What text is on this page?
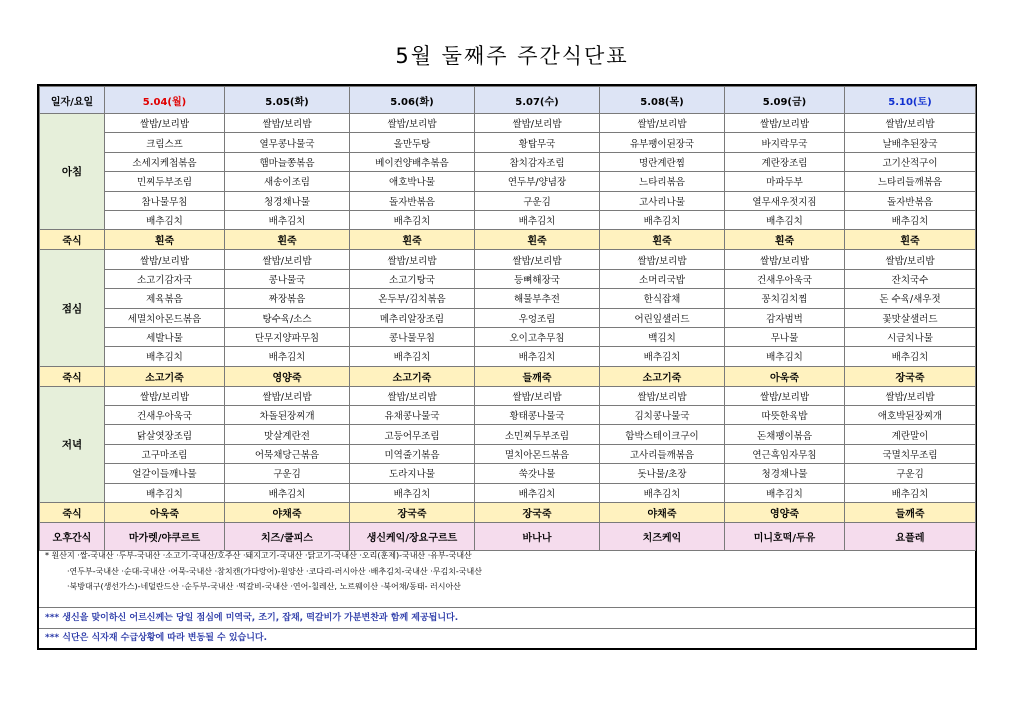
5월 둘째주 주간식단표
일자/요일	5.04(월)	5.05(화)	5.06(화)	5.07(수)	5.08(목)	5.09(금)	5.10(토)
아침	쌀밥/보리밥	쌀밥/보리밥	쌀밥/보리밥	쌀밥/보리밥	쌀밥/보리밥	쌀밥/보리밥	쌀밥/보리밥
	크림스프	열무콩나물국	올만두탕	황탑무국	유부팽이된장국	바지락무국	날배추된장국
	소세지케첩볶음	햄마늘쫑볶음	베이컨양배추볶음	참치감자조림	명란계란찜	계란장조림	고기산적구이
	민찌두부조림	새송이조림	애호박나물	연두부/양념장	느타리볶음	마파두부	느타리들깨볶음
	참나물무침	청경채나물	돌자반볶음	구운김	고사리나물	열무새우젓지짐	돌자반볶음
	배추김치	배추김치	배추김치	배추김치	배추김치	배추김치	배추김치
죽식	흰죽	흰죽	흰죽	흰죽	흰죽	흰죽	흰죽
점심	쌀밥/보리밥	쌀밥/보리밥	쌀밥/보리밥	쌀밥/보리밥	쌀밥/보리밥	쌀밥/보리밥	쌀밥/보리밥
	소고기감자국	콩나물국	소고기탕국	등뼈해장국	소머리국밥	건새우아욱국	잔치국수
	제육볶음	짜장볶음	온두부/김치볶음	해물부추전	한식잡채	꽁치김치찜	돈 수육/새우젓
	세멸치아몬드볶음	탕수육/소스	메추리알장조림	우엉조림	어린잎샐러드	감자범벅	꽃맛살샐러드
	세발나물	단무지양파무침	콩나물무침	오이고추무침	백김치	무나물	시금치나물
	배추김치	배추김치	배추김치	배추김치	배추김치	배추김치	배추김치
죽식	소고기죽	영양죽	소고기죽	들깨죽	소고기죽	아욱죽	장국죽
저녁	쌀밥/보리밥	쌀밥/보리밥	쌀밥/보리밥	쌀밥/보리밥	쌀밥/보리밥	쌀밥/보리밥	쌀밥/보리밥
	건새우아욱국	차돌된장찌개	유채콩나물국	황태콩나물국	김치콩나물국	따뜻한육밥	애호박된장찌개
	닭살엿장조림	맛살계란전	고등어무조림	소민찌두부조림	함박스테이크구이	돈채팽이볶음	계란말이
	고구마조림	어묵채당근볶음	미역줄기볶음	멸치아몬드볶음	고사리들깨볶음	연근흑임자무침	국멸치무조림
	얼갈이들깨나물	구운김	도라지나물	쑥갓나물	돗나물/초장	청경채나물	구운김
	배추김치	배추김치	배추김치	배추김치	배추김치	배추김치	배추김치
죽식	아욱죽	야채죽	장국죽	장국죽	야채죽	영양죽	들깨죽
오후간식	마가렛/야쿠르트	치즈/쿨피스	생신케익/장요구르트	바나나	치즈케익	미니호떡/두유	요플레
* 원산지 ·쌀-국내산 ·두부-국내산 ·소고기-국내산/호주산 ·돼지고기-국내산 ·닭고기-국내산 ·오리(훈제)-국내산 ·유부-국내산
·연두부-국내산 ·순대-국내산 ·어묵-국내산 ·참치캔(가다랑어)-원양산 ·코다리-러시아산 ·배추김치-국내산 ·무김치-국내산
·북방대구(생선가스)-네덜란드산 ·순두부-국내산 ·떡갈비-국내산 ·연어-칠레산, 노르웨이산 ·북어채/동태- 러시아산
*** 생신을 맞이하신 어르신께는 당일 점심에 미역국, 조기, 잡채, 떡갈비가 가분변찬과 함께 제공됩니다.
*** 식단은 식자재 수급상황에 따라 변동될 수 있습니다.
